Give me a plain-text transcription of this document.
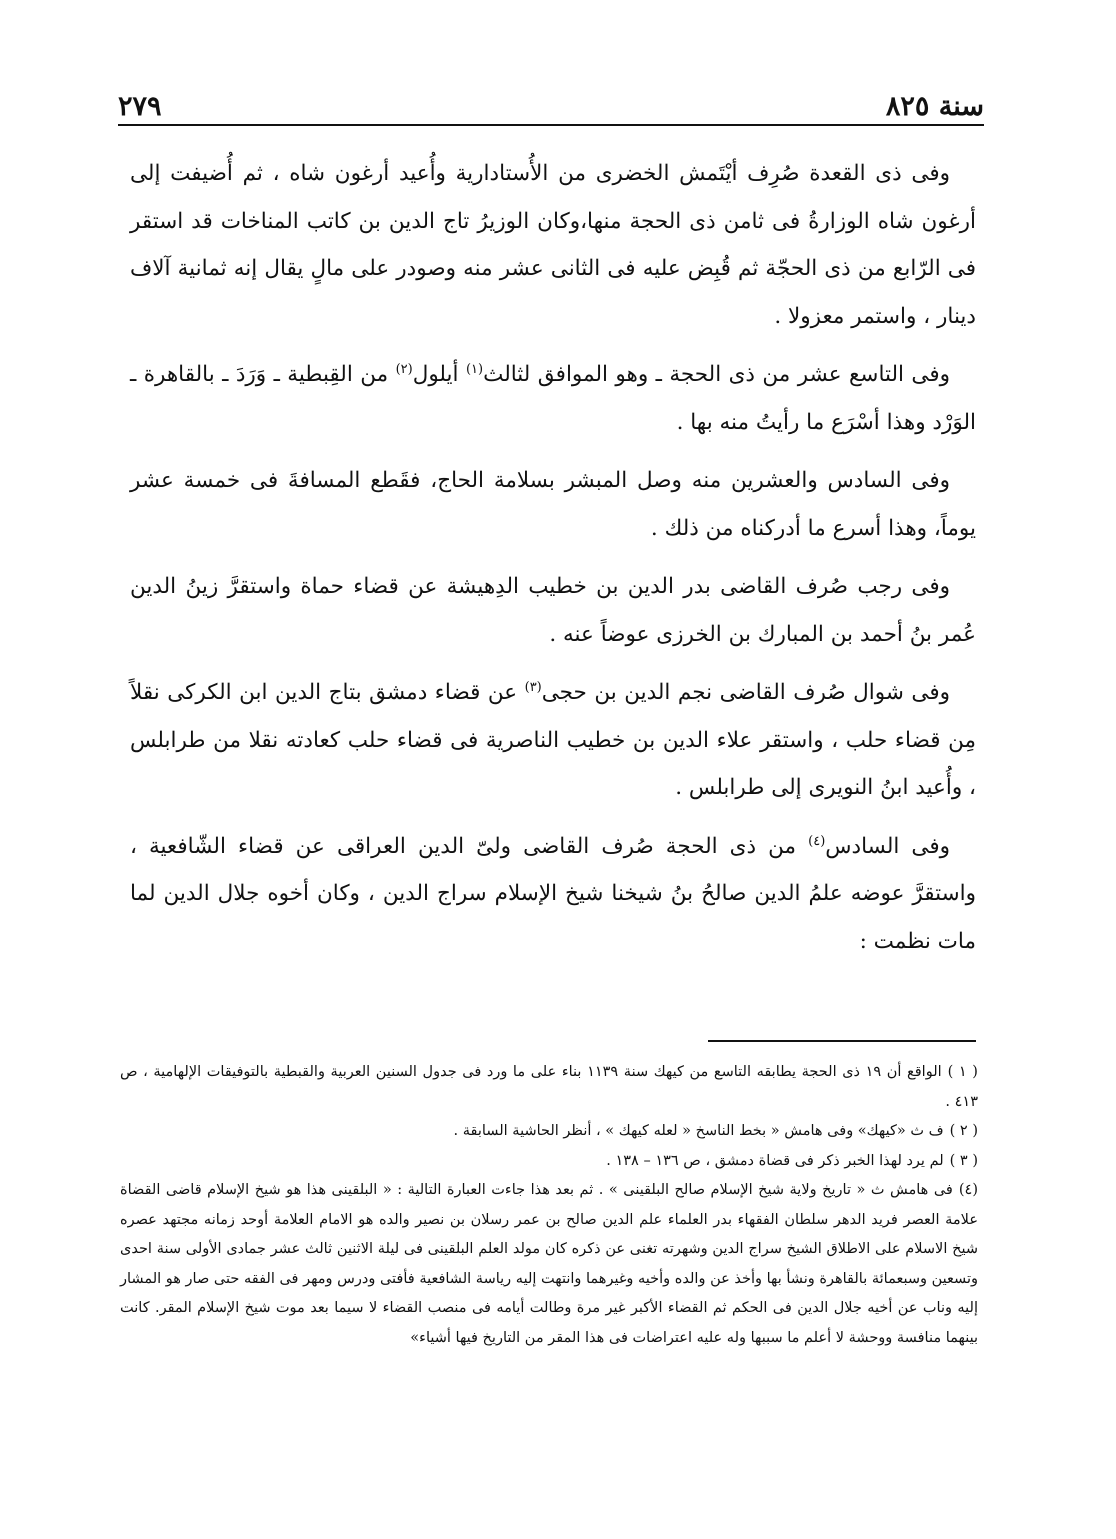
سنة ٨٢٥
٢٧٩

وفى ذى القعدة صُرِف أيْتَمش الخضرى من الأُستادارية وأُعيد أرغون شاه ، ثم أُضيفت إلى أرغون شاه الوزارةُ فى ثامن ذى الحجة منها،وكان الوزيرُ تاج الدين بن كاتب المناخات قد استقر فى الرّابع من ذى الحجّة ثم قُبِض عليه فى الثانى عشر منه وصودر على مالٍ يقال إنه ثمانية آلاف دينار ، واستمر معزولا .

وفى التاسع عشر من ذى الحجة ـ وهو الموافق لثالث$^{(١)}$ أيلول$^{(٢)}$ من القِبطية ـ وَرَدَ ـ بالقاهرة ـ الوَرْد وهذا أسْرَع ما رأيتُ منه بها .

وفى السادس والعشرين منه وصل المبشر بسلامة الحاج، فقَطع المسافةَ فى خمسة عشر يوماً، وهذا أسرع ما أدركناه من ذلك .

وفى رجب صُرف القاضى بدر الدين بن خطيب الدِهيشة عن قضاء حماة واستقرَّ زينُ الدين عُمر بنُ أحمد بن المبارك بن الخرزى عوضاً عنه .

وفى شوال صُرف القاضى نجم الدين بن حجى$^{(٣)}$ عن قضاء دمشق بتاج الدين ابن الكركى نقلاً مِن قضاء حلب ، واستقر علاء الدين بن خطيب الناصرية فى قضاء حلب كعادته نقلا من طرابلس ، وأُعيد ابنُ النويرى إلى طرابلس .

وفى السادس$^{(٤)}$ من ذى الحجة صُرف القاضى ولىّ الدين العراقى عن قضاء الشّافعية ، واستقرَّ عوضه علمُ الدين صالحُ بنُ شيخنا شيخ الإسلام سراج الدين ، وكان أخوه جلال الدين لما مات نظمت :

( ١ )الواقع أن ١٩ ذى الحجة يطابقه التاسع من كيهك سنة ١١٣٩ بناء على ما ورد فى جدول السنين العربية والقبطية بالتوفيقات الإلهامية ، ص ٤١٣ .

( ٢ )ف ث «كيهك» وفى هامش « بخط الناسخ « لعله كيهك » ، أنظر الحاشية السابقة .

( ٣ )لم يرد لهذا الخبر ذكر فى قضاة دمشق ، ص ١٣٦ – ١٣٨ .

(٤)فى هامش ث « تاريخ ولاية شيخ الإسلام صالح البلقينى » . ثم بعد هذا جاءت العبارة التالية : « البلقينى هذا هو شيخ الإسلام قاضى القضاة علامة العصر فريد الدهر سلطان الفقهاء بدر العلماء علم الدين صالح بن عمر رسلان بن نصير والده هو الامام العلامة أوحد زمانه مجتهد عصره شيخ الاسلام على الاطلاق الشيخ سراج الدين وشهرته تغنى عن ذكره كان مولد العلم البلقينى فى ليلة الاثنين ثالث عشر جمادى الأولى سنة احدى وتسعين وسبعمائة بالقاهرة ونشأ بها وأخذ عن والده وأخيه وغيرهما وانتهت إليه رياسة الشافعية فأفتى ودرس ومهر فى الفقه حتى صار هو المشار إليه وناب عن أخيه جلال الدين فى الحكم ثم القضاء الأكبر غير مرة وطالت أيامه فى منصب القضاء لا سيما بعد موت شيخ الإسلام المقر. كانت بينهما منافسة ووحشة لا أعلم ما سببها وله عليه اعتراضات فى هذا المقر من التاريخ فيها أشياء»
